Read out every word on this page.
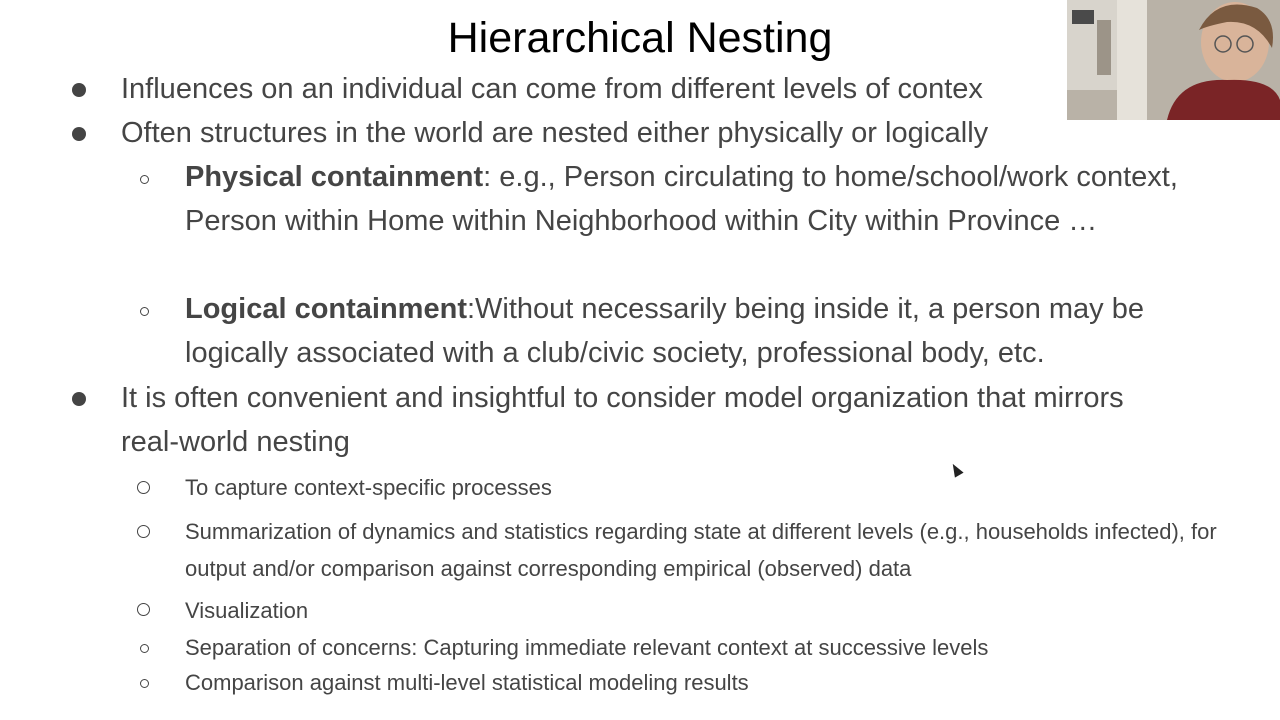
Hierarchical Nesting
Influences on an individual can come from different levels of contex
Often structures in the world are nested either physically or logically
Physical containment: e.g., Person circulating to home/school/work context, Person within Home within Neighborhood within City within Province …
Logical containment:Without necessarily being inside it, a person may be logically associated with a club/civic society, professional body, etc.
It is often convenient and insightful to consider model organization that mirrors real-world nesting
To capture context-specific processes
Summarization of dynamics and statistics regarding state at different levels (e.g., households infected), for output and/or comparison against corresponding empirical (observed) data
Visualization
Separation of concerns: Capturing immediate relevant context at successive levels
Comparison against multi-level statistical modeling results
